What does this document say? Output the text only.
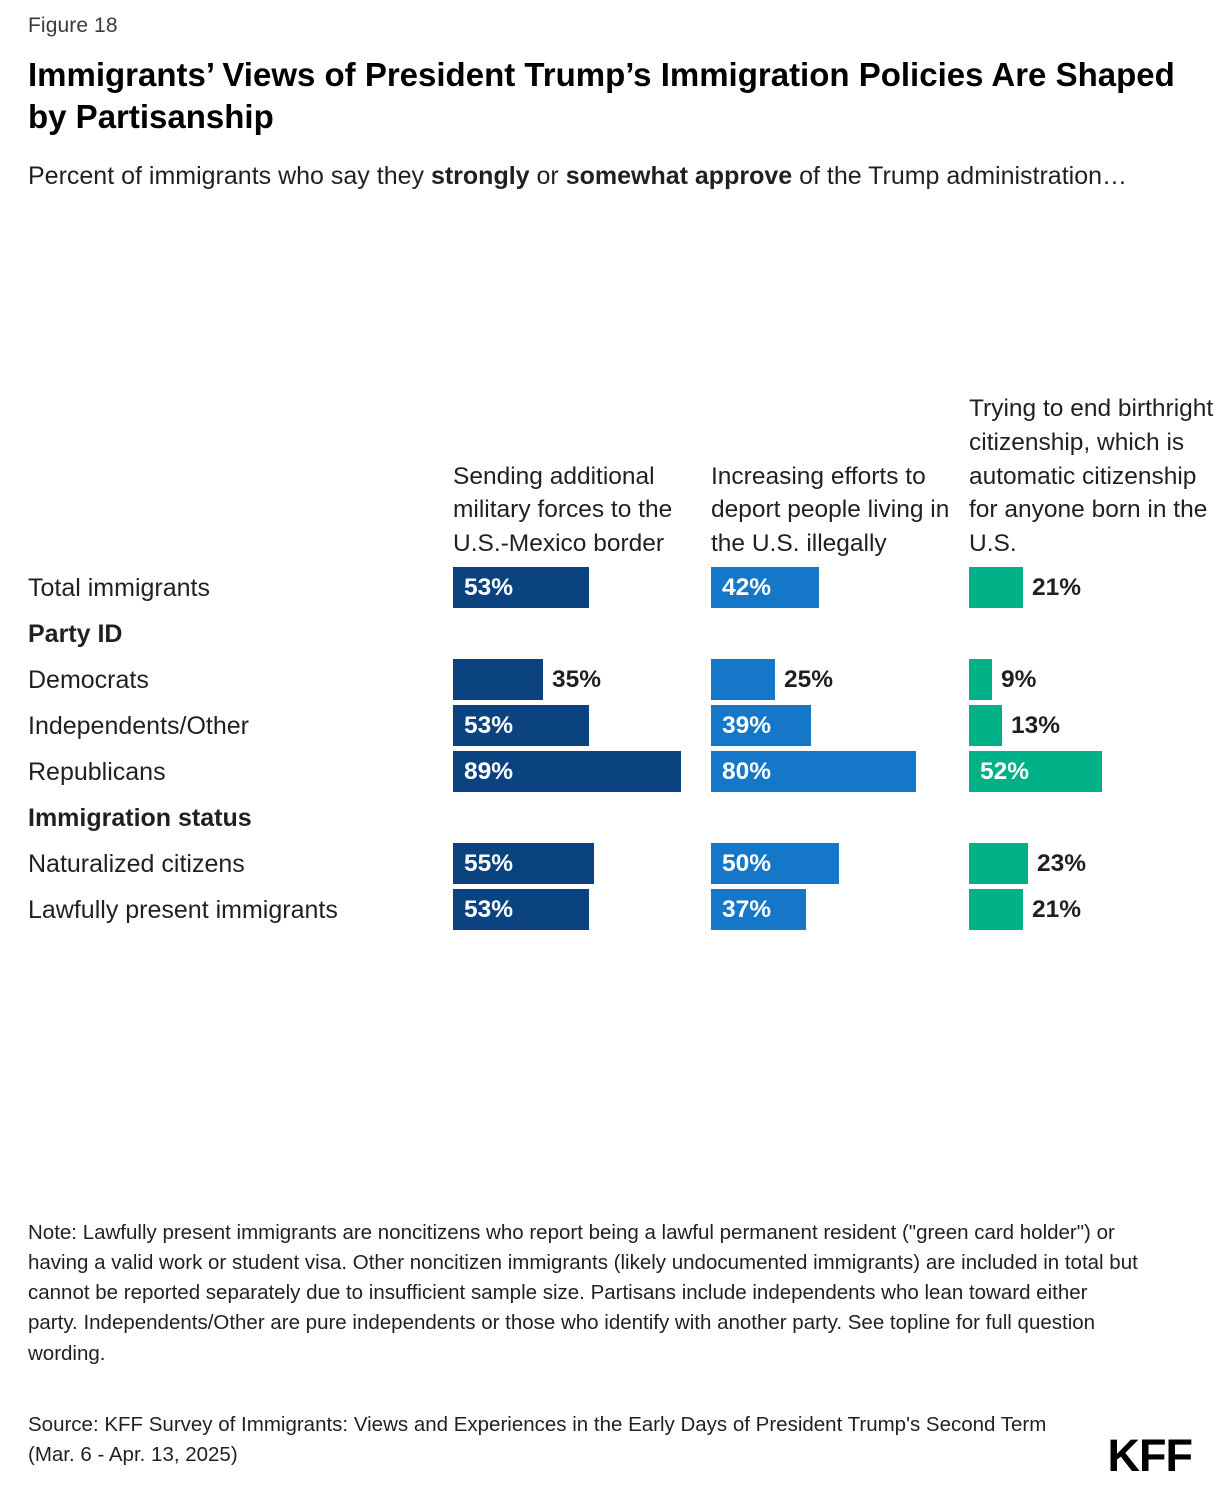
Figure 18
Immigrants’ Views of President Trump’s Immigration Policies Are Shaped by Partisanship
Percent of immigrants who say they strongly or somewhat approve of the Trump administration…
Sending additional military forces to the U.S.-Mexico border
Increasing efforts to deport people living in the U.S. illegally
Trying to end birthright citizenship, which is automatic citizenship for anyone born in the U.S.
Total immigrants	53%	42%	21%
Party ID
Democrats	35%	25%	9%
Independents/Other	53%	39%	13%
Republicans	89%	80%	52%
Immigration status
Naturalized citizens	55%	50%	23%
Lawfully present immigrants	53%	37%	21%
Note: Lawfully present immigrants are noncitizens who report being a lawful permanent resident ("green card holder") or having a valid work or student visa. Other noncitizen immigrants (likely undocumented immigrants) are included in total but cannot be reported separately due to insufficient sample size. Partisans include independents who lean toward either party. Independents/Other are pure independents or those who identify with another party. See topline for full question wording.
Source: KFF Survey of Immigrants: Views and Experiences in the Early Days of President Trump's Second Term (Mar. 6 - Apr. 13, 2025)	KFF
